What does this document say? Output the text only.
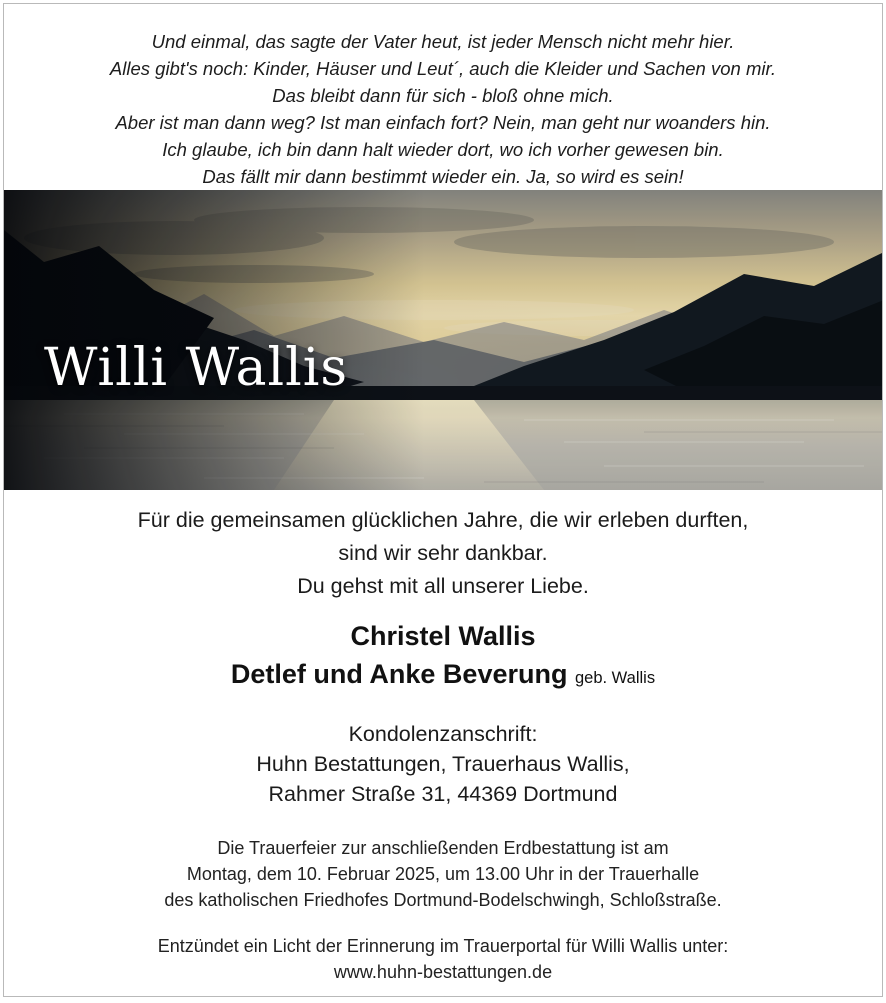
Und einmal, das sagte der Vater heut, ist jeder Mensch nicht mehr hier.
Alles gibt's noch: Kinder, Häuser und Leut´, auch die Kleider und Sachen von mir.
Das bleibt dann für sich - bloß ohne mich.
Aber ist man dann weg? Ist man einfach fort? Nein, man geht nur woanders hin.
Ich glaube, ich bin dann halt wieder dort, wo ich vorher gewesen bin.
Das fällt mir dann bestimmt wieder ein. Ja, so wird es sein!
Willi Wallis
Für die gemeinsamen glücklichen Jahre, die wir erleben durften,
sind wir sehr dankbar.
Du gehst mit all unserer Liebe.
Christel Wallis
Detlef und Anke Beverung geb. Wallis
Kondolenzanschrift:
Huhn Bestattungen, Trauerhaus Wallis,
Rahmer Straße 31, 44369 Dortmund
Die Trauerfeier zur anschließenden Erdbestattung ist am
Montag, dem 10. Februar 2025, um 13.00 Uhr in der Trauerhalle
des katholischen Friedhofes Dortmund-Bodelschwingh, Schloßstraße.
Entzündet ein Licht der Erinnerung im Trauerportal für Willi Wallis unter:
www.huhn-bestattungen.de
